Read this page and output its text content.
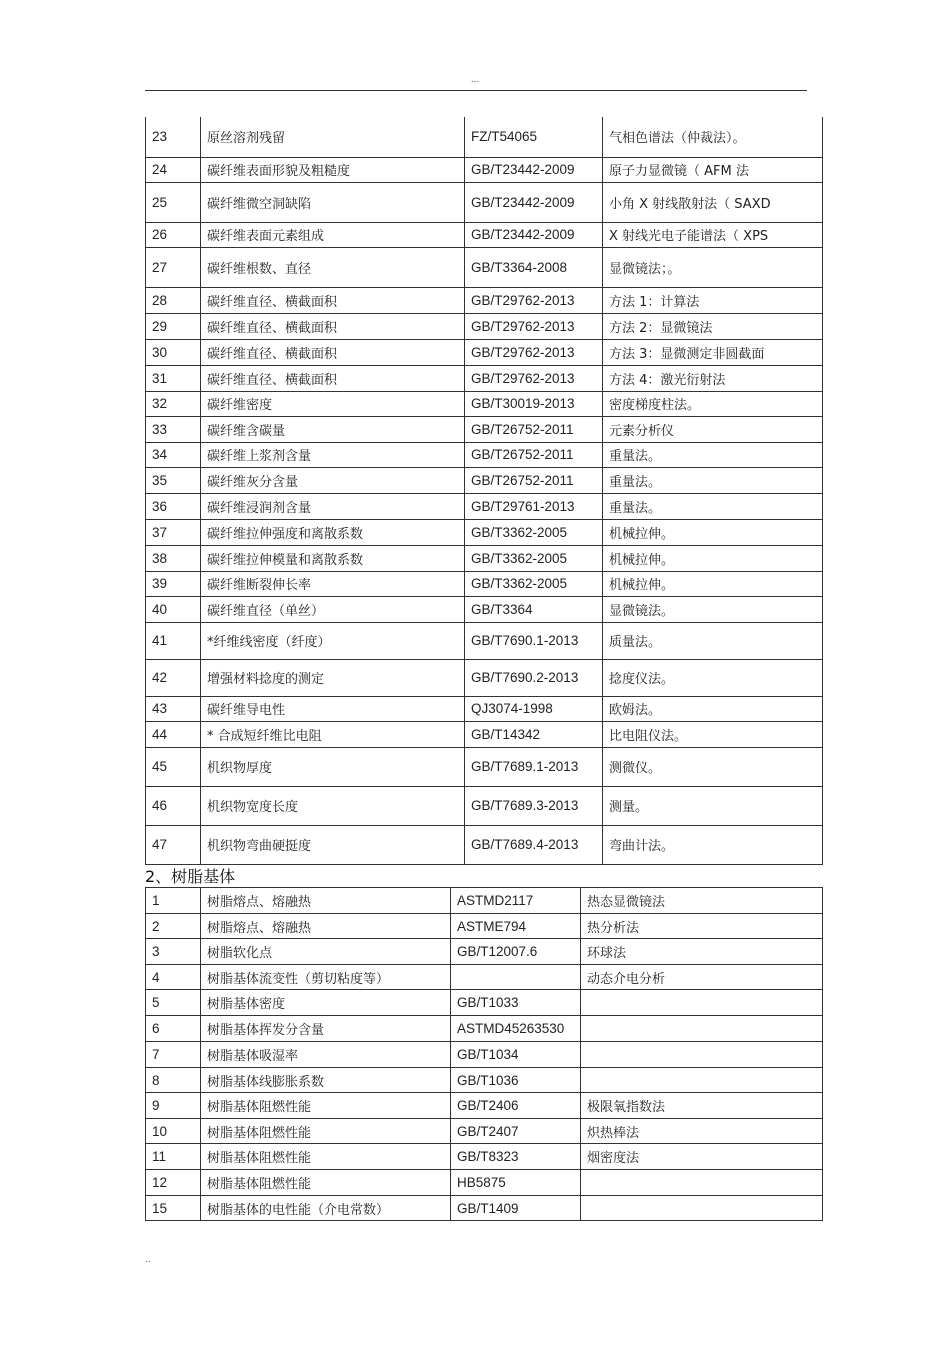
...
23	原丝溶剂残留	FZ/T54065	气相色谱法（仲裁法）。
24	碳纤维表面形貌及粗糙度	GB/T23442-2009	原子力显微镜（ AFM 法
25	碳纤维微空洞缺陷	GB/T23442-2009	小角 X 射线散射法（ SAXD
26	碳纤维表面元素组成	GB/T23442-2009	X 射线光电子能谱法（ XPS
27	碳纤维根数、直径	GB/T3364-2008	显微镜法；。
28	碳纤维直径、横截面积	GB/T29762-2013	方法 1：计算法
29	碳纤维直径、横截面积	GB/T29762-2013	方法 2：显微镜法
30	碳纤维直径、横截面积	GB/T29762-2013	方法 3：显微测定非圆截面
31	碳纤维直径、横截面积	GB/T29762-2013	方法 4：激光衍射法
32	碳纤维密度	GB/T30019-2013	密度梯度柱法。
33	碳纤维含碳量	GB/T26752-2011	元素分析仪
34	碳纤维上浆剂含量	GB/T26752-2011	重量法。
35	碳纤维灰分含量	GB/T26752-2011	重量法。
36	碳纤维浸润剂含量	GB/T29761-2013	重量法。
37	碳纤维拉伸强度和离散系数	GB/T3362-2005	机械拉伸。
38	碳纤维拉伸模量和离散系数	GB/T3362-2005	机械拉伸。
39	碳纤维断裂伸长率	GB/T3362-2005	机械拉伸。
40	碳纤维直径（单丝）	GB/T3364	显微镜法。
41	*纤维线密度（纤度）	GB/T7690.1-2013	质量法。
42	增强材料捻度的测定	GB/T7690.2-2013	捻度仪法。
43	碳纤维导电性	QJ3074-1998	欧姆法。
44	* 合成短纤维比电阻	GB/T14342	比电阻仪法。
45	机织物厚度	GB/T7689.1-2013	测微仪。
46	机织物宽度长度	GB/T7689.3-2013	测量。
47	机织物弯曲硬挺度	GB/T7689.4-2013	弯曲计法。
2、树脂基体
1	树脂熔点、熔融热	ASTMD2117	热态显微镜法
2	树脂熔点、熔融热	ASTME794	热分析法
3	树脂软化点	GB/T12007.6	环球法
4	树脂基体流变性（剪切粘度等）		动态介电分析
5	树脂基体密度	GB/T1033	
6	树脂基体挥发分含量	ASTMD45263530	
7	树脂基体吸湿率	GB/T1034	
8	树脂基体线膨胀系数	GB/T1036	
9	树脂基体阻燃性能	GB/T2406	极限氧指数法
10	树脂基体阻燃性能	GB/T2407	炽热棒法
11	树脂基体阻燃性能	GB/T8323	烟密度法
12	树脂基体阻燃性能	HB5875	
15	树脂基体的电性能（介电常数）	GB/T1409	
..
